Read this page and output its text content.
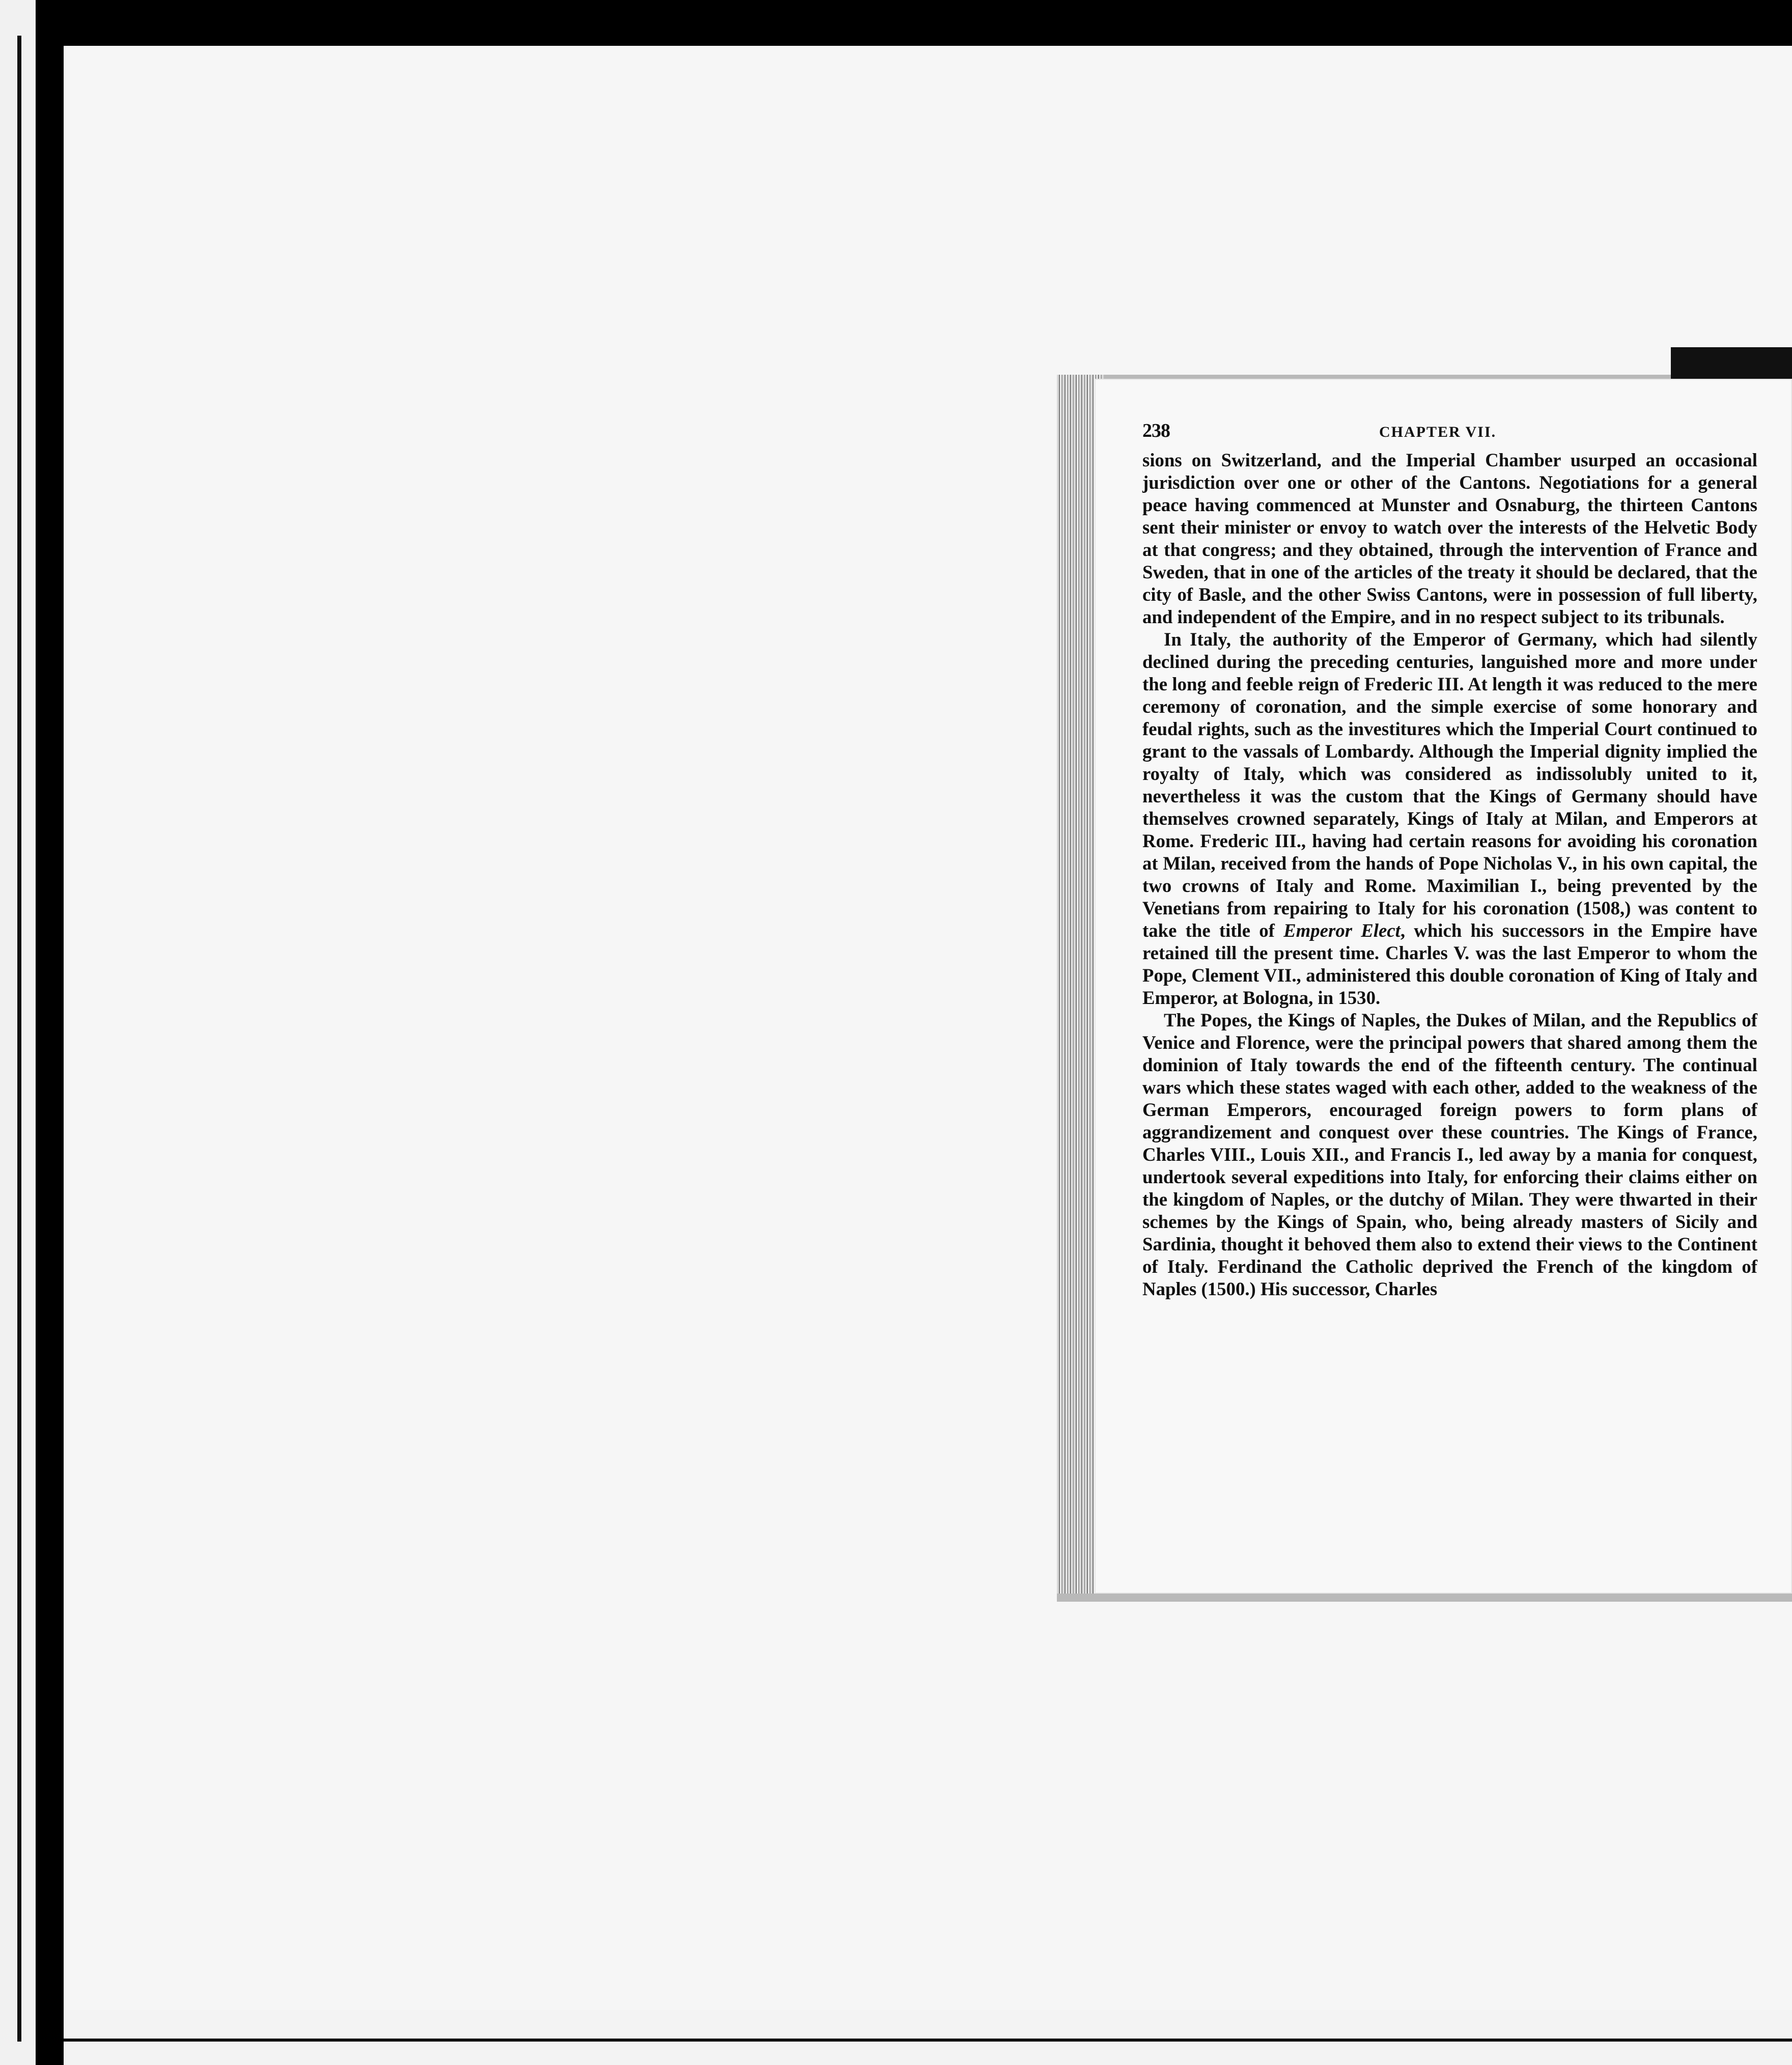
238	CHAPTER VII.

sions on Switzerland, and the Imperial Chamber usurped an occasional jurisdiction over one or other of the Cantons. Negotiations for a general peace having commenced at Munster and Osnaburg, the thirteen Cantons sent their minister or envoy to watch over the interests of the Helvetic Body at that congress; and they obtained, through the intervention of France and Sweden, that in one of the articles of the treaty it should be declared, that the city of Basle, and the other Swiss Cantons, were in possession of full liberty, and independent of the Empire, and in no respect subject to its tribunals.

In Italy, the authority of the Emperor of Germany, which had silently declined during the preceding centuries, languished more and more under the long and feeble reign of Frederic III. At length it was reduced to the mere ceremony of coronation, and the simple exercise of some honorary and feudal rights, such as the investitures which the Imperial Court continued to grant to the vassals of Lombardy. Although the Imperial dignity implied the royalty of Italy, which was considered as indissolubly united to it, nevertheless it was the custom that the Kings of Germany should have themselves crowned separately, Kings of Italy at Milan, and Emperors at Rome. Frederic III., having had certain reasons for avoiding his coronation at Milan, received from the hands of Pope Nicholas V., in his own capital, the two crowns of Italy and Rome. Maximilian I., being prevented by the Venetians from repairing to Italy for his coronation (1508,) was content to take the title of Emperor Elect, which his successors in the Empire have retained till the present time. Charles V. was the last Emperor to whom the Pope, Clement VII., administered this double coronation of King of Italy and Emperor, at Bologna, in 1530.

The Popes, the Kings of Naples, the Dukes of Milan, and the Republics of Venice and Florence, were the principal powers that shared among them the dominion of Italy towards the end of the fifteenth century. The continual wars which these states waged with each other, added to the weakness of the German Emperors, encouraged foreign powers to form plans of aggrandizement and conquest over these countries. The Kings of France, Charles VIII., Louis XII., and Francis I., led away by a mania for conquest, undertook several expeditions into Italy, for enforcing their claims either on the kingdom of Naples, or the dutchy of Milan. They were thwarted in their schemes by the Kings of Spain, who, being already masters of Sicily and Sardinia, thought it behoved them also to extend their views to the Continent of Italy. Ferdinand the Catholic deprived the French of the kingdom of Naples (1500.) His successor, Charles
